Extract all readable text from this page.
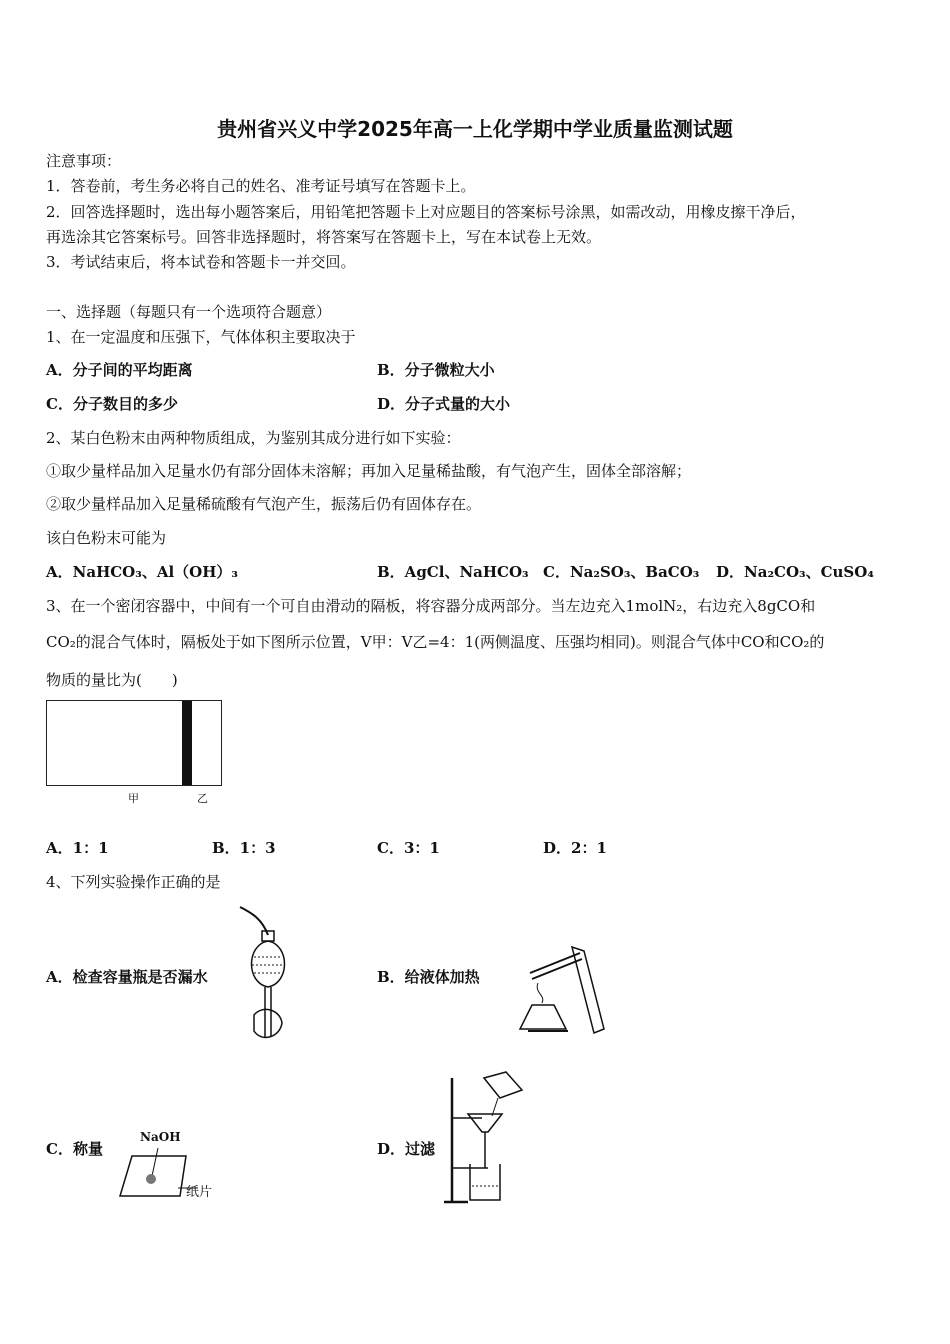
贵州省兴义中学2025年高一上化学期中学业质量监测试题
注意事项：
1．答卷前，考生务必将自己的姓名、准考证号填写在答题卡上。
2．回答选择题时，选出每小题答案后，用铅笔把答题卡上对应题目的答案标号涂黑，如需改动，用橡皮擦干净后，
再选涂其它答案标号。回答非选择题时，将答案写在答题卡上，写在本试卷上无效。
3．考试结束后，将本试卷和答题卡一并交回。
一、选择题（每题只有一个选项符合题意）
1、在一定温度和压强下，气体体积主要取决于
A．分子间的平均距离	B．分子微粒大小
C．分子数目的多少	D．分子式量的大小
2、某白色粉末由两种物质组成，为鉴别其成分进行如下实验：
①取少量样品加入足量水仍有部分固体未溶解；再加入足量稀盐酸，有气泡产生，固体全部溶解；
②取少量样品加入足量稀硫酸有气泡产生，振荡后仍有固体存在。
该白色粉末可能为
A．NaHCO₃、Al（OH）₃	B．AgCl、NaHCO₃ C．Na₂SO₃、BaCO₃ D．Na₂CO₃、CuSO₄
3、在一个密闭容器中，中间有一个可自由滑动的隔板，将容器分成两部分。当左边充入1molN₂，右边充入8gCO和
CO₂的混合气体时，隔板处于如下图所示位置，V甲：V乙=4：1(两侧温度、压强均相同)。则混合气体中CO和CO₂的
物质的量比为(　　)
甲	乙
A．1：1	B．1：3	C．3：1	D．2：1
4、下列实验操作正确的是
A．检查容量瓶是否漏水	B．给液体加热
C．称量
NaOH
纸片
D．过滤
